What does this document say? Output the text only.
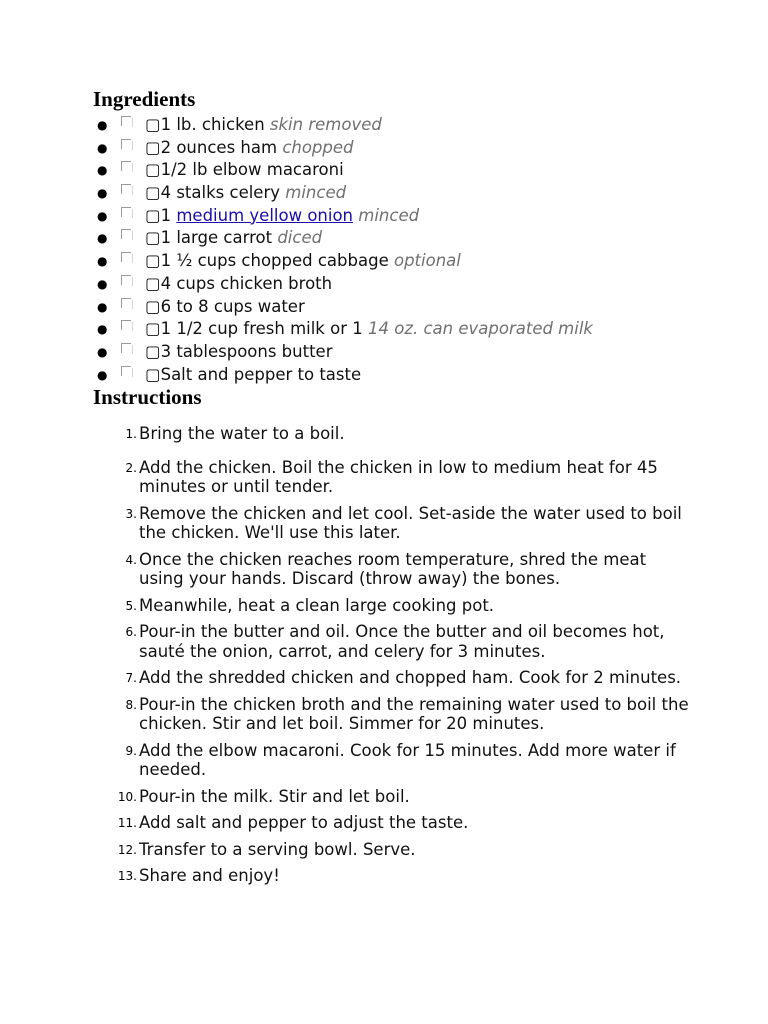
Ingredients
● ▢1 lb. chicken skin removed
● ▢2 ounces ham chopped
● ▢1/2 lb elbow macaroni
● ▢4 stalks celery minced
● ▢1 medium yellow onion minced
● ▢1 large carrot diced
● ▢1 ½ cups chopped cabbage optional
● ▢4 cups chicken broth
● ▢6 to 8 cups water
● ▢1 1/2 cup fresh milk or 1 14 oz. can evaporated milk
● ▢3 tablespoons butter
● ▢Salt and pepper to taste
Instructions
1. Bring the water to a boil.
2. Add the chicken. Boil the chicken in low to medium heat for 45 minutes or until tender.
3. Remove the chicken and let cool. Set-aside the water used to boil the chicken. We'll use this later.
4. Once the chicken reaches room temperature, shred the meat using your hands. Discard (throw away) the bones.
5. Meanwhile, heat a clean large cooking pot.
6. Pour-in the butter and oil. Once the butter and oil becomes hot, sauté the onion, carrot, and celery for 3 minutes.
7. Add the shredded chicken and chopped ham. Cook for 2 minutes.
8. Pour-in the chicken broth and the remaining water used to boil the chicken. Stir and let boil. Simmer for 20 minutes.
9. Add the elbow macaroni. Cook for 15 minutes. Add more water if needed.
10. Pour-in the milk. Stir and let boil.
11. Add salt and pepper to adjust the taste.
12. Transfer to a serving bowl. Serve.
13. Share and enjoy!
